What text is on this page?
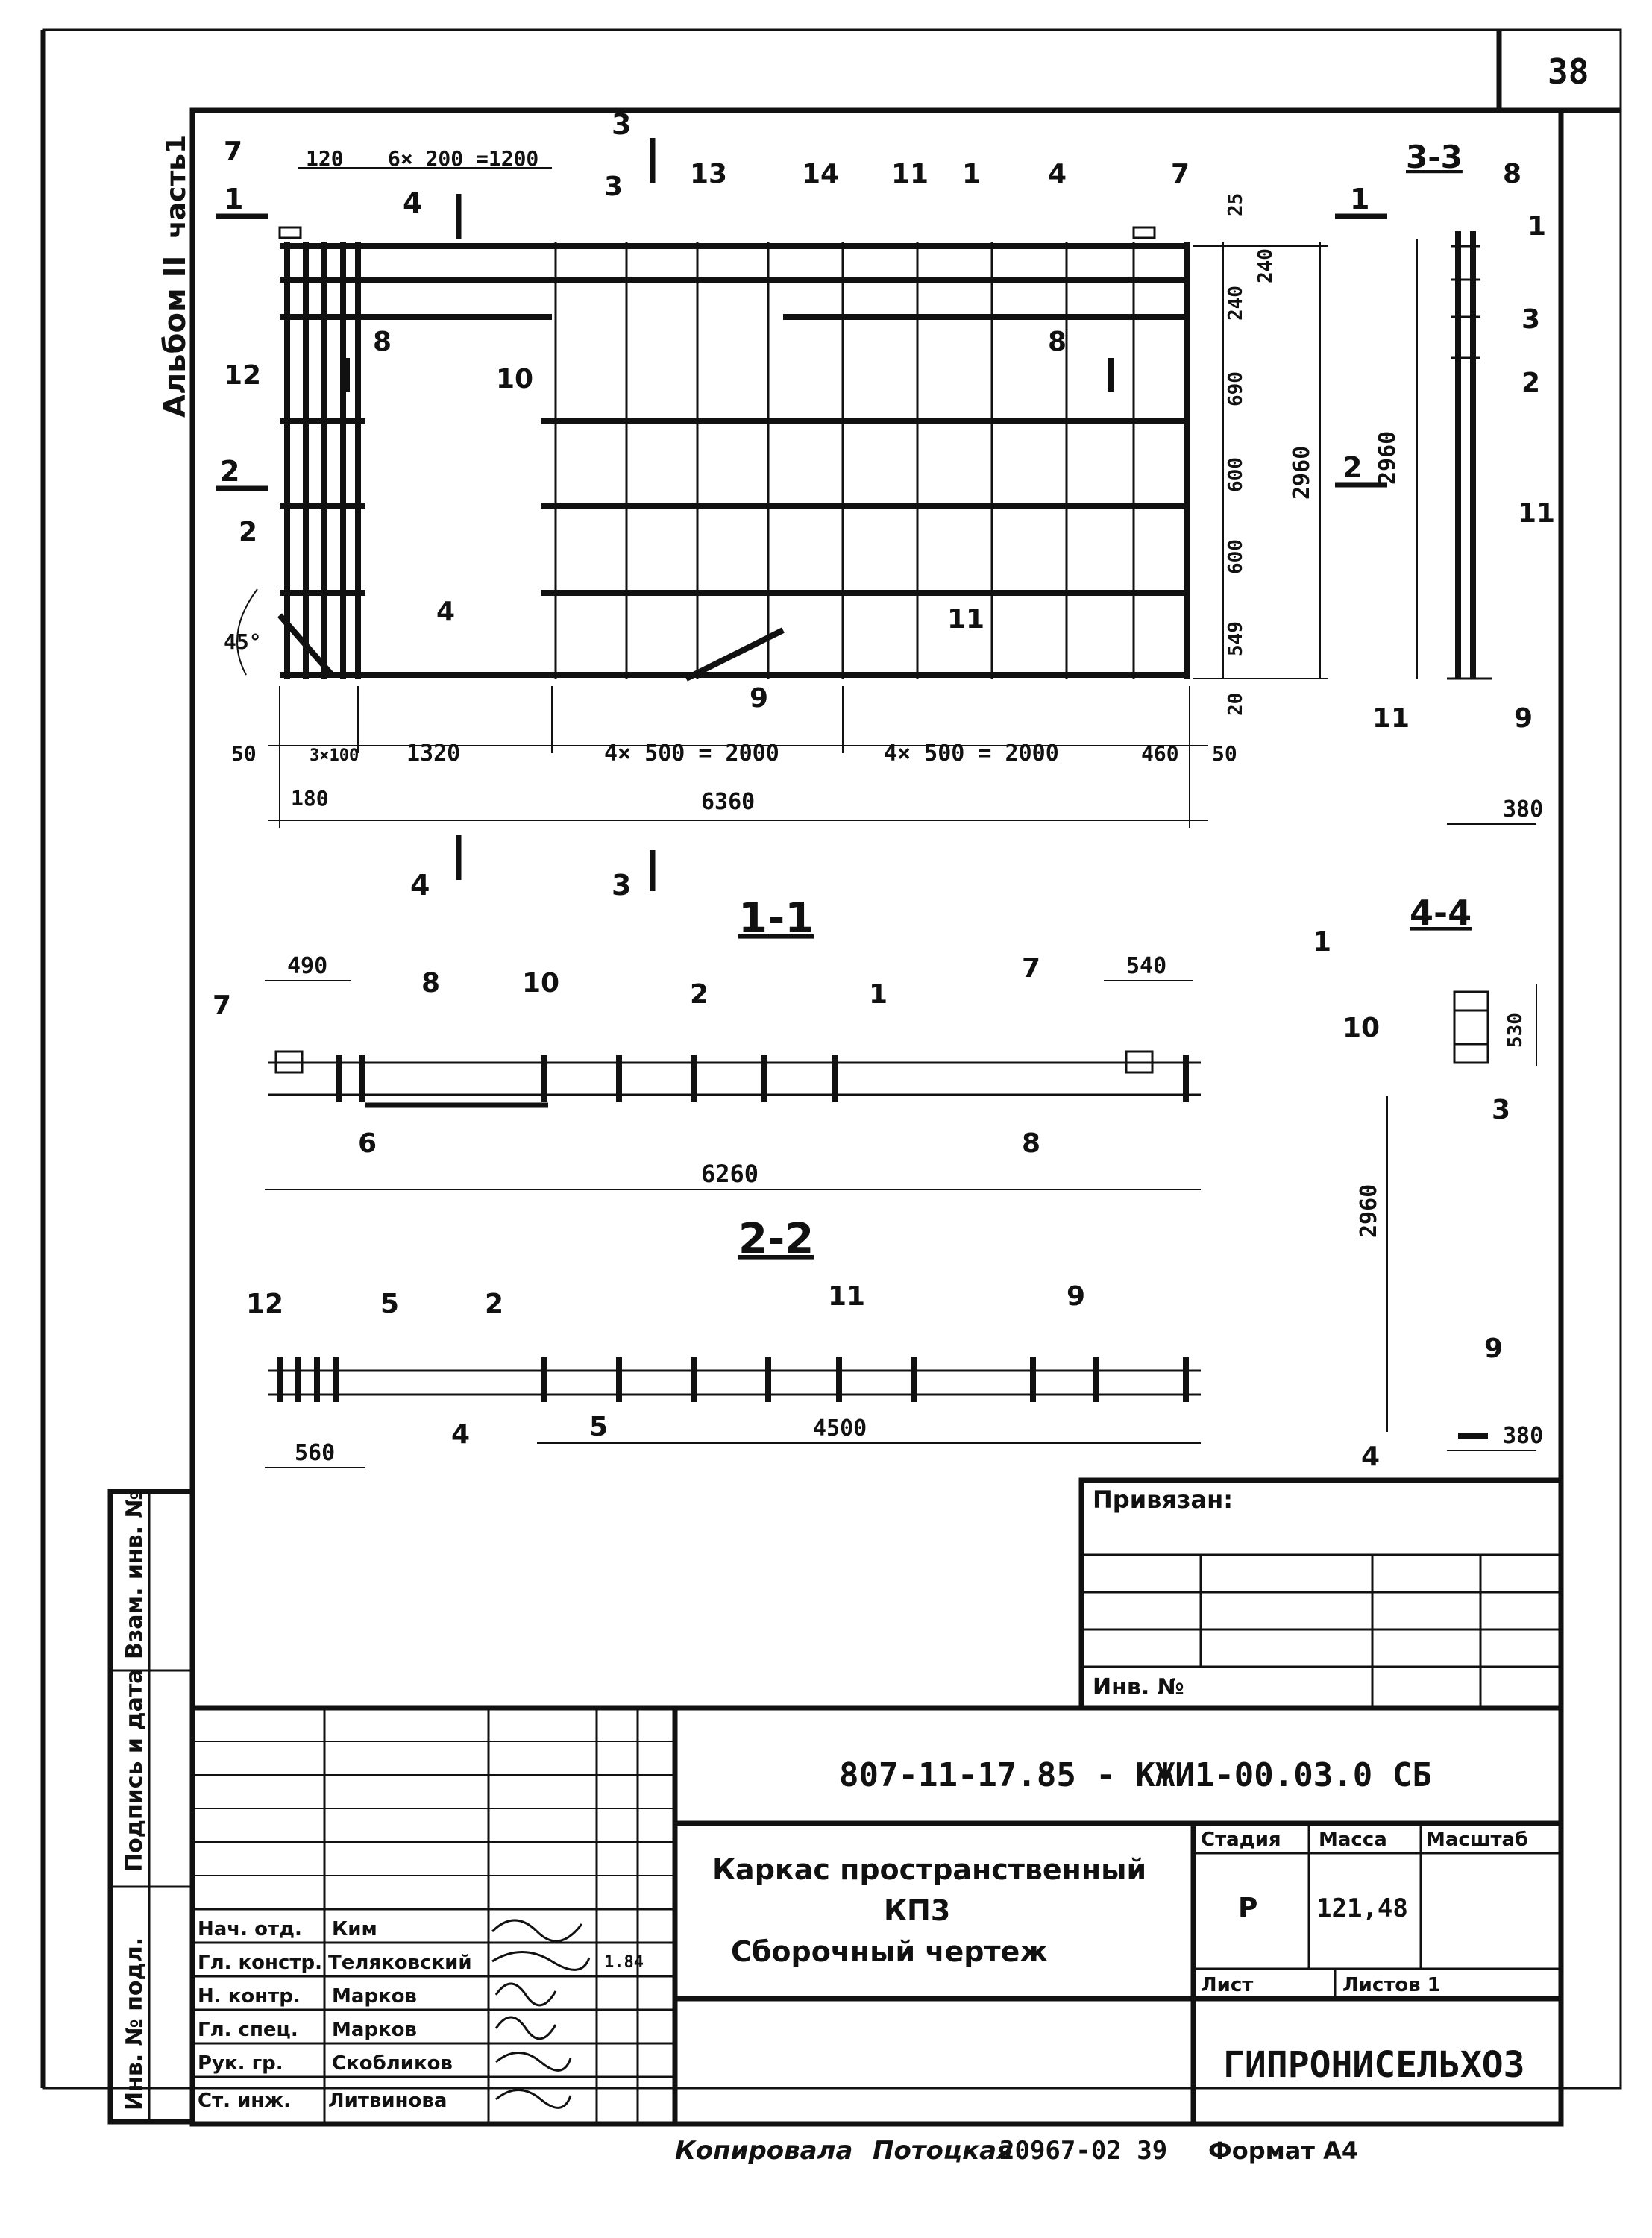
38
Альбом II
часть1	120 6× 200 =1200
50	3×100 1320	4× 500 = 2000	4× 500 = 2000	460 50
180	6360
45°
25
240
240
690
600
600
549
20
2960
7
1
3 13	14 11	4	7
4
8
10
12
2
11
9
8
1
2
3
4
3
4
2
1
3-3
2960
380
8
1
3
2
11
11	9
1-1
490	540
6260
7
8	10	2	1
7
6	8
2-2
560
4500
12	5	2	11	9
4	5
4-4
530
2960
380
1
10
3
9
4
Привязан:
Инв. №
Взам. инв. №
Подпись и дата
Инв. № подл.
807-11-17.85 - КЖИ1-00.03.0 СБ
Каркас пространственный
КП3
Сборочный чертеж
Стадия Масса Масштаб
Р 121,48
Лист	Листов 1
ГИПРОНИСЕЛЬХОЗ
1.84
Нач. отд. Ким
Гл. констр. Теляковский
Н. контр. Марков
Гл. спец. Марков
Рук. гр.	Скобликов
Ст. инж. Литвинова
Копировала Потоцкая
20967-02 39 Формат А4
